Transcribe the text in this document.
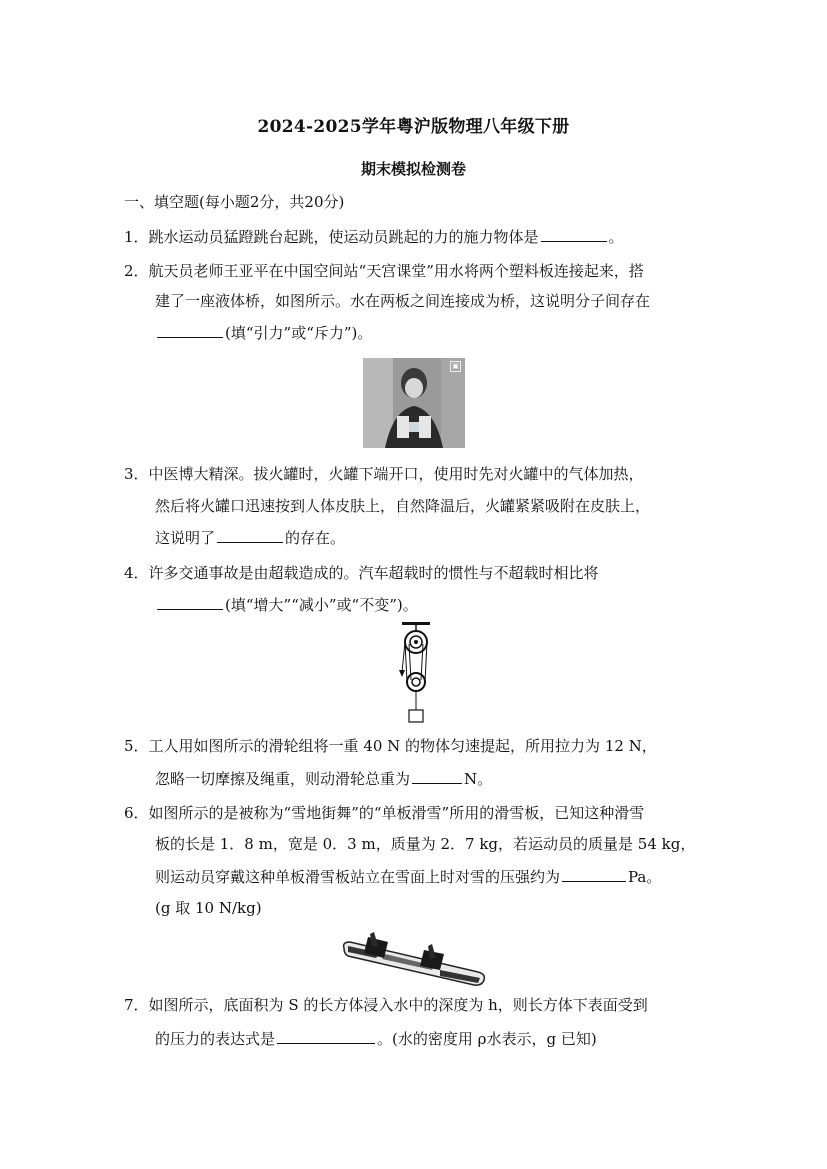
2024-2025学年粤沪版物理八年级下册
期末模拟检测卷
一、填空题(每小题2分，共20分)
1．跳水运动员猛蹬跳台起跳，使运动员跳起的力的施力物体是	。
2．航天员老师王亚平在中国空间站“天宫课堂”用水将两个塑料板连接起来，搭
建了一座液体桥，如图所示。水在两板之间连接成为桥，这说明分子间存在
(填“引力”或“斥力”)。
▣
3．中医博大精深。拔火罐时，火罐下端开口，使用时先对火罐中的气体加热，
然后将火罐口迅速按到人体皮肤上，自然降温后，火罐紧紧吸附在皮肤上，
这说明了	的存在。
4．许多交通事故是由超载造成的。汽车超载时的惯性与不超载时相比将
(填“增大”“减小”或“不变”)。
5．工人用如图所示的滑轮组将一重 40 N 的物体匀速提起，所用拉力为 12 N，
忽略一切摩擦及绳重，则动滑轮总重为	N。
6．如图所示的是被称为“雪地街舞”的“单板滑雪”所用的滑雪板，已知这种滑雪
板的长是 1．8 m，宽是 0．3 m，质量为 2．7 kg，若运动员的质量是 54 kg，
则运动员穿戴这种单板滑雪板站立在雪面上时对雪的压强约为	Pa。
(g 取 10 N/kg)
7．如图所示，底面积为 S 的长方体浸入水中的深度为 h，则长方体下表面受到
的压力的表达式是	。(水的密度用 ρ水表示，g 已知)
